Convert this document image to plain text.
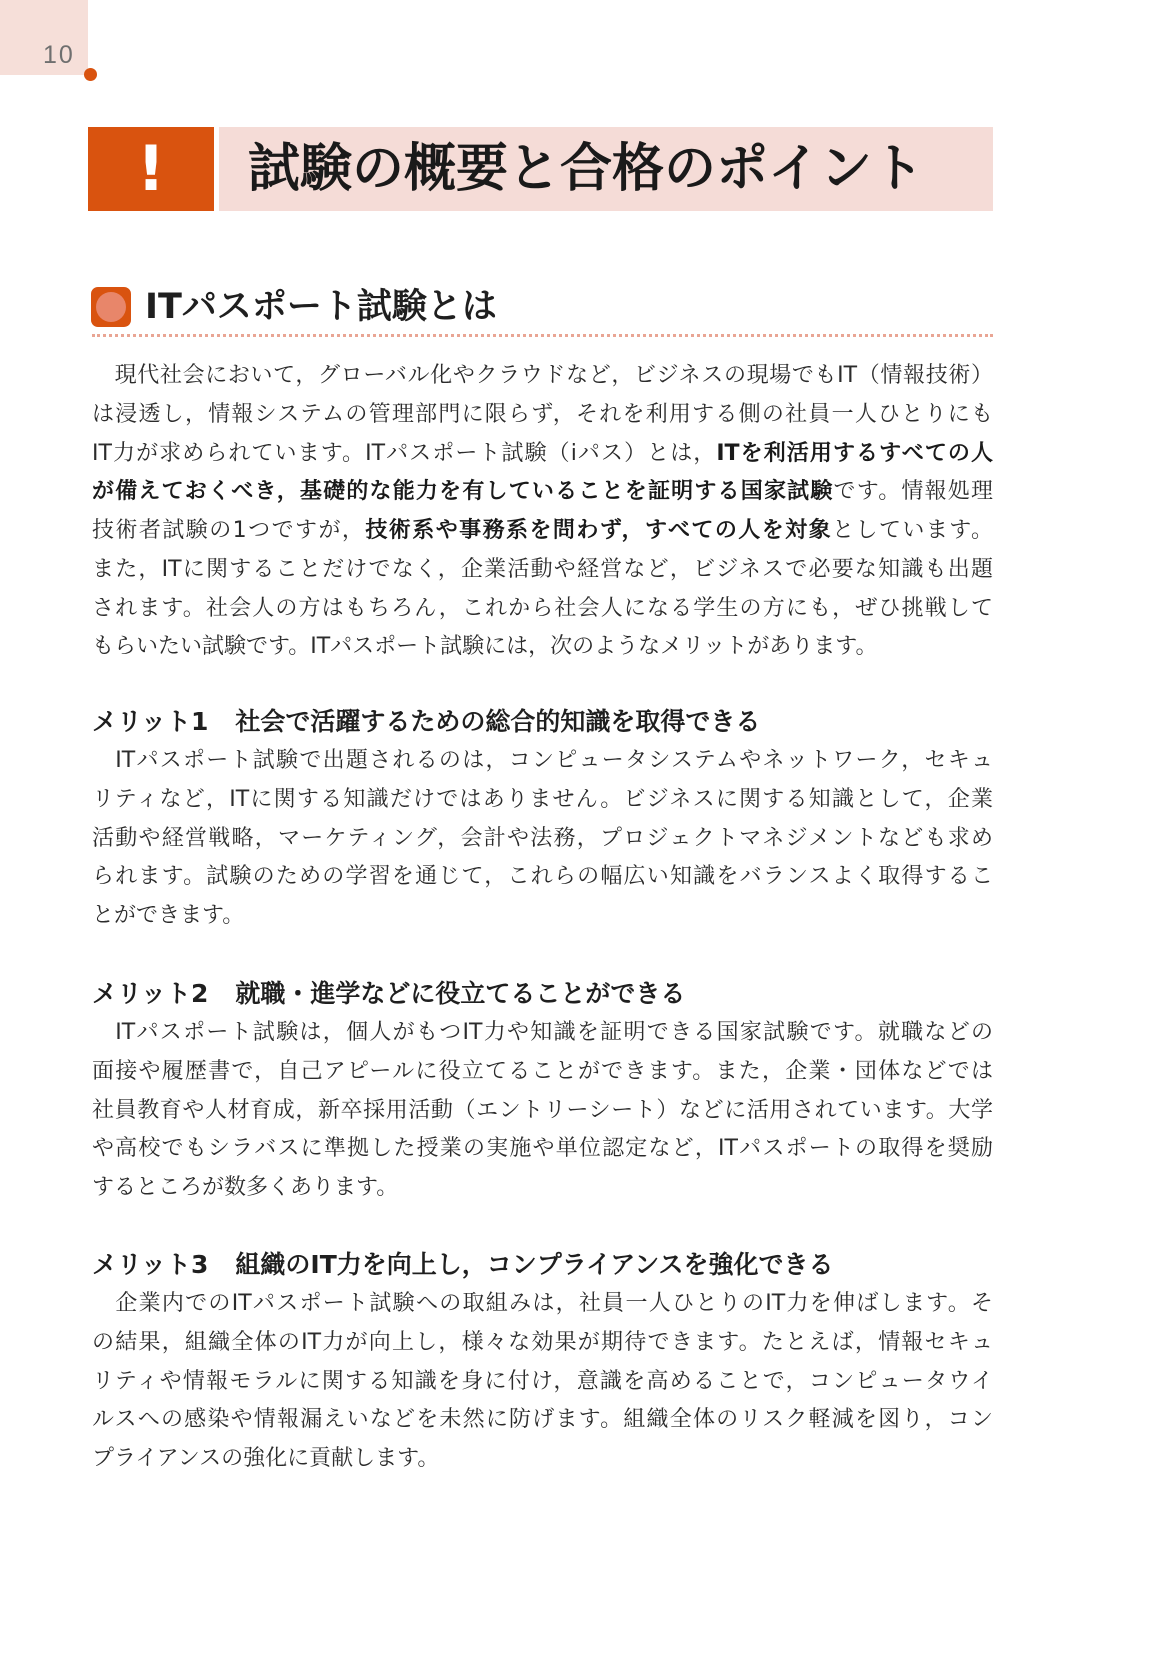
10
!	試験の概要と合格のポイント
ITパスポート試験とは
　現代社会において，グローバル化やクラウドなど，ビジネスの現場でもIT（情報技術）
は浸透し，情報システムの管理部門に限らず，それを利用する側の社員一人ひとりにも
IT力が求められています。ITパスポート試験（iパス）とは，ITを利活用するすべての人
が備えておくべき，基礎的な能力を有していることを証明する国家試験です。情報処理
技術者試験の1つですが，技術系や事務系を問わず，すべての人を対象としています。
また，ITに関することだけでなく，企業活動や経営など，ビジネスで必要な知識も出題
されます。社会人の方はもちろん，これから社会人になる学生の方にも，ぜひ挑戦して
もらいたい試験です。ITパスポート試験には，次のようなメリットがあります。
メリット1 社会で活躍するための総合的知識を取得できる
　ITパスポート試験で出題されるのは，コンピュータシステムやネットワーク，セキュ
リティなど，ITに関する知識だけではありません。ビジネスに関する知識として，企業
活動や経営戦略，マーケティング，会計や法務，プロジェクトマネジメントなども求め
られます。試験のための学習を通じて，これらの幅広い知識をバランスよく取得するこ
とができます。
メリット2 就職・進学などに役立てることができる
　ITパスポート試験は，個人がもつIT力や知識を証明できる国家試験です。就職などの
面接や履歴書で，自己アピールに役立てることができます。また，企業・団体などでは
社員教育や人材育成，新卒採用活動（エントリーシート）などに活用されています。大学
や高校でもシラバスに準拠した授業の実施や単位認定など，ITパスポートの取得を奨励
するところが数多くあります。
メリット3 組織のIT力を向上し，コンプライアンスを強化できる
　企業内でのITパスポート試験への取組みは，社員一人ひとりのIT力を伸ばします。そ
の結果，組織全体のIT力が向上し，様々な効果が期待できます。たとえば，情報セキュ
リティや情報モラルに関する知識を身に付け，意識を高めることで，コンピュータウイ
ルスへの感染や情報漏えいなどを未然に防げます。組織全体のリスク軽減を図り，コン
プライアンスの強化に貢献します。
